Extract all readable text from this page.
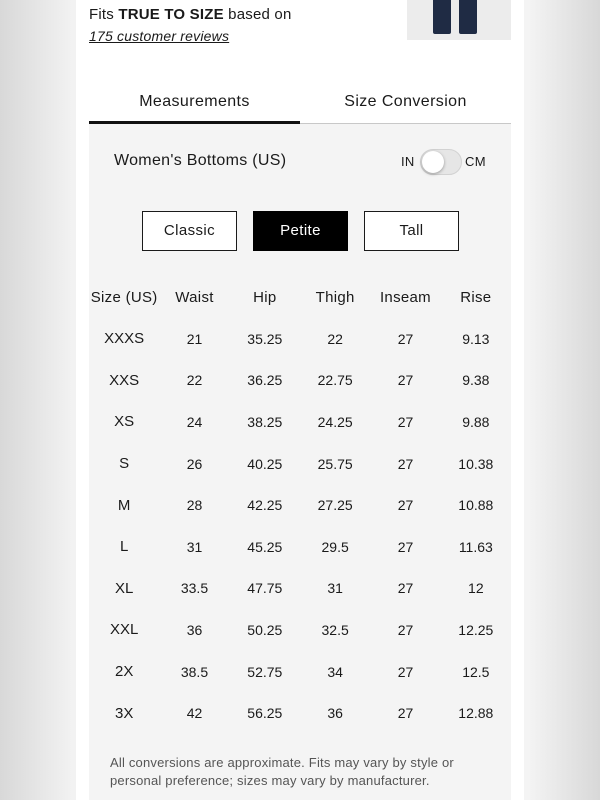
Fits TRUE TO SIZE based on
175 customer reviews
Measurements	Size Conversion
Women's Bottoms (US)	IN	CM
Classic	Petite	Tall
Size (US)	Waist	Hip	Thigh	Inseam	Rise
XXXS	21	35.25	22	27	9.13
XXS	22	36.25	22.75	27	9.38
XS	24	38.25	24.25	27	9.88
S	26	40.25	25.75	27	10.38
M	28	42.25	27.25	27	10.88
L	31	45.25	29.5	27	11.63
XL	33.5	47.75	31	27	12
XXL	36	50.25	32.5	27	12.25
2X	38.5	52.75	34	27	12.5
3X	42	56.25	36	27	12.88
All conversions are approximate. Fits may vary by style or personal preference; sizes may vary by manufacturer.
